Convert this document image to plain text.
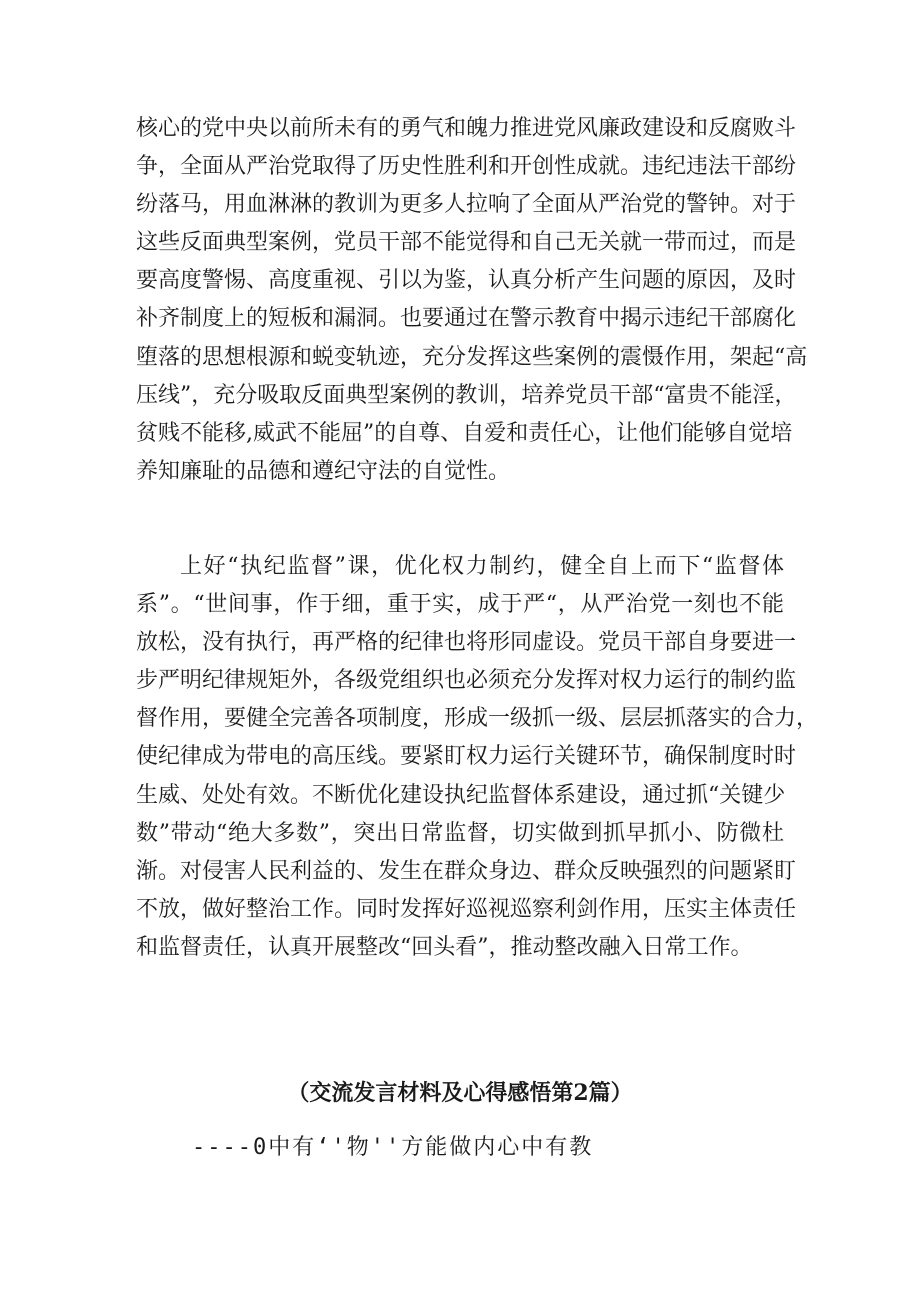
核心的党中央以前所未有的勇气和魄力推进党风廉政建设和反腐败斗
争，全面从严治党取得了历史性胜利和开创性成就。违纪违法干部纷
纷落马，用血淋淋的教训为更多人拉响了全面从严治党的警钟。对于
这些反面典型案例，党员干部不能觉得和自己无关就一带而过，而是
要高度警惕、高度重视、引以为鉴，认真分析产生问题的原因，及时
补齐制度上的短板和漏洞。也要通过在警示教育中揭示违纪干部腐化
堕落的思想根源和蜕变轨迹，充分发挥这些案例的震慑作用，架起“高
压线”，充分吸取反面典型案例的教训，培养党员干部“富贵不能淫，
贫贱不能移,威武不能屈”的自尊、自爱和责任心，让他们能够自觉培
养知廉耻的品德和遵纪守法的自觉性。
上好“执纪监督”课，优化权力制约，健全自上而下“监督体
系”。“世间事，作于细，重于实，成于严“，从严治党一刻也不能
放松，没有执行，再严格的纪律也将形同虚设。党员干部自身要进一
步严明纪律规矩外，各级党组织也必须充分发挥对权力运行的制约监
督作用，要健全完善各项制度，形成一级抓一级、层层抓落实的合力，
使纪律成为带电的高压线。要紧盯权力运行关键环节，确保制度时时
生威、处处有效。不断优化建设执纪监督体系建设，通过抓“关键少
数”带动“绝大多数”，突出日常监督，切实做到抓早抓小、防微杜
渐。对侵害人民利益的、发生在群众身边、群众反映强烈的问题紧盯
不放，做好整治工作。同时发挥好巡视巡察利剑作用，压实主体责任
和监督责任，认真开展整改“回头看”，推动整改融入日常工作。
（交流发言材料及心得感悟第2篇）

----0中有‘'物''方能做内心中有教
